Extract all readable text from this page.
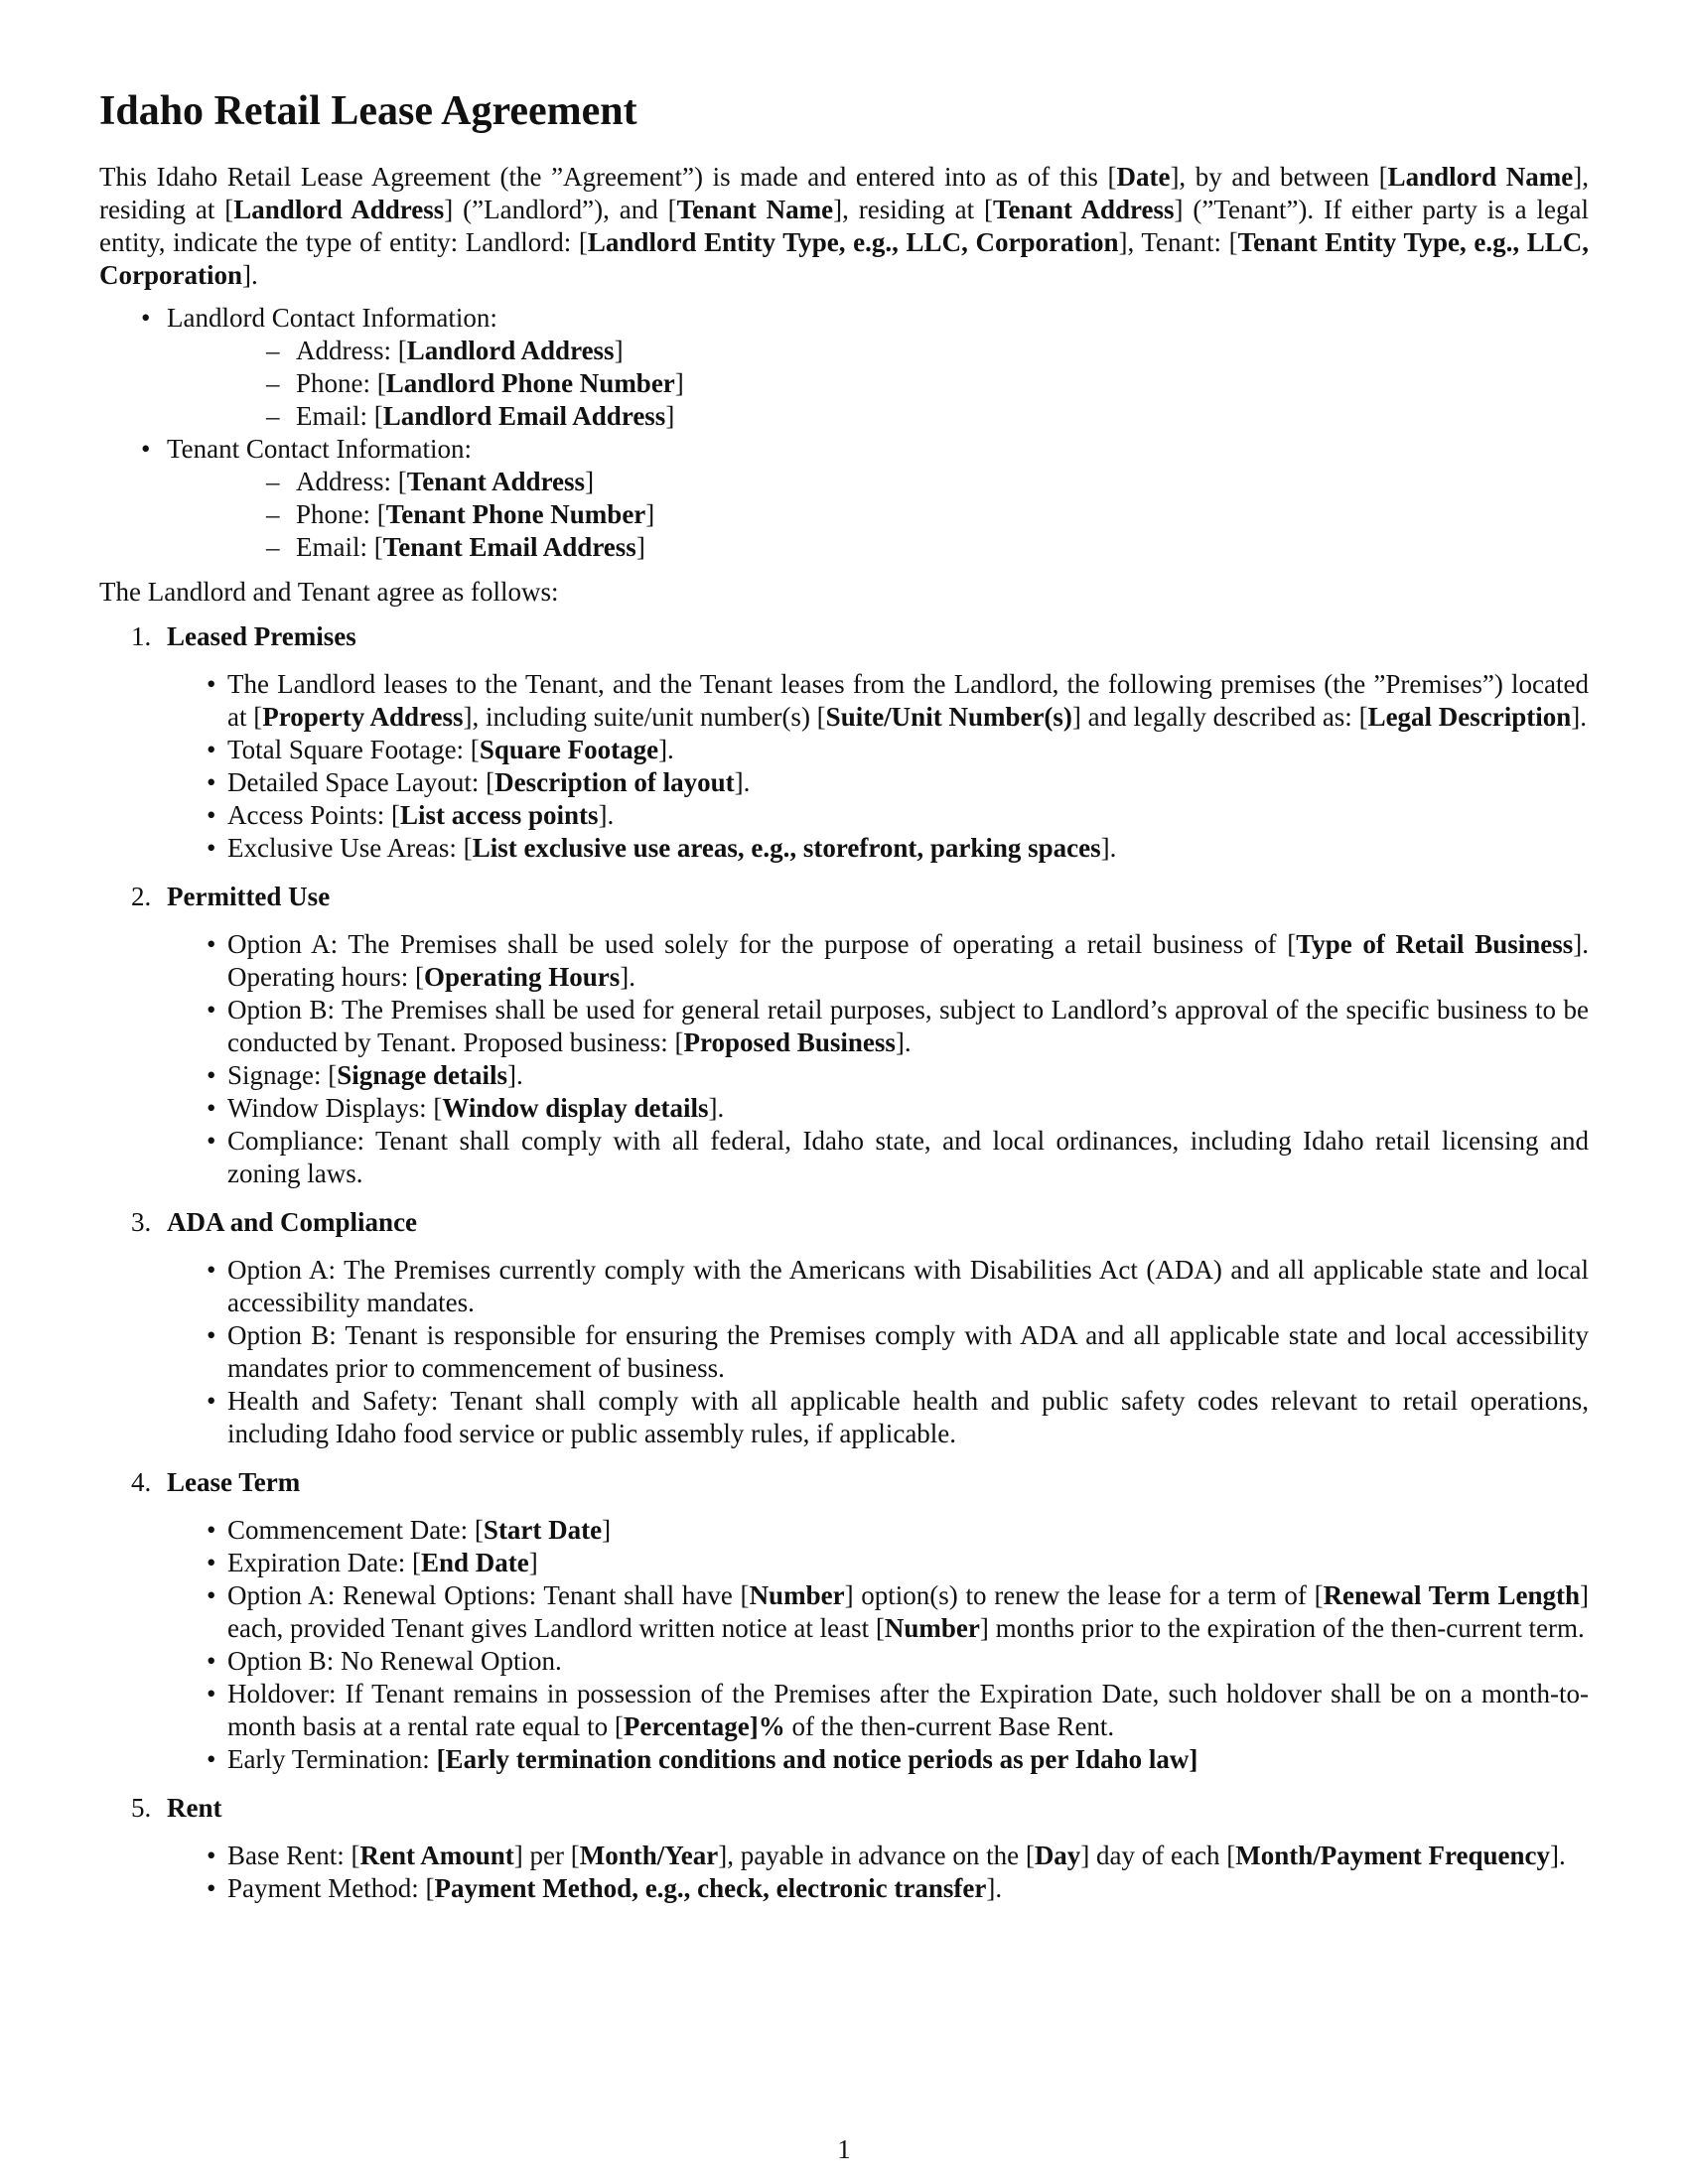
Idaho Retail Lease Agreement

This Idaho Retail Lease Agreement (the ”Agreement”) is made and entered into as of this [Date], by and between [Landlord Name], residing at [Landlord Address] (”Landlord”), and [Tenant Name], residing at [Tenant Address] (”Tenant”). If either party is a legal entity, indicate the type of entity: Landlord: [Landlord Entity Type, e.g., LLC, Corporation], Tenant: [Tenant Entity Type, e.g., LLC, Corporation].

• Landlord Contact Information:
– Address: [Landlord Address]
– Phone: [Landlord Phone Number]
– Email: [Landlord Email Address]
• Tenant Contact Information:
– Address: [Tenant Address]
– Phone: [Tenant Phone Number]
– Email: [Tenant Email Address]

The Landlord and Tenant agree as follows:

1. Leased Premises
• The Landlord leases to the Tenant, and the Tenant leases from the Landlord, the following premises (the ”Premises”) located at [Property Address], including suite/unit number(s) [Suite/Unit Number(s)] and legally described as: [Legal Description].
• Total Square Footage: [Square Footage].
• Detailed Space Layout: [Description of layout].
• Access Points: [List access points].
• Exclusive Use Areas: [List exclusive use areas, e.g., storefront, parking spaces].
2. Permitted Use
• Option A: The Premises shall be used solely for the purpose of operating a retail business of [Type of Retail Business]. Operating hours: [Operating Hours].
• Option B: The Premises shall be used for general retail purposes, subject to Landlord’s approval of the specific business to be conducted by Tenant. Proposed business: [Proposed Business].
• Signage: [Signage details].
• Window Displays: [Window display details].
• Compliance: Tenant shall comply with all federal, Idaho state, and local ordinances, including Idaho retail licensing and zoning laws.
3. ADA and Compliance
• Option A: The Premises currently comply with the Americans with Disabilities Act (ADA) and all applicable state and local accessibility mandates.
• Option B: Tenant is responsible for ensuring the Premises comply with ADA and all applicable state and local accessibility mandates prior to commencement of business.
• Health and Safety: Tenant shall comply with all applicable health and public safety codes relevant to retail operations, including Idaho food service or public assembly rules, if applicable.
4. Lease Term
• Commencement Date: [Start Date]
• Expiration Date: [End Date]
• Option A: Renewal Options: Tenant shall have [Number] option(s) to renew the lease for a term of [Renewal Term Length] each, provided Tenant gives Landlord written notice at least [Number] months prior to the expiration of the then-current term.
• Option B: No Renewal Option.
• Holdover: If Tenant remains in possession of the Premises after the Expiration Date, such holdover shall be on a month-to-month basis at a rental rate equal to [Percentage]% of the then-current Base Rent.
• Early Termination: [Early termination conditions and notice periods as per Idaho law]
5. Rent
• Base Rent: [Rent Amount] per [Month/Year], payable in advance on the [Day] day of each [Month/Payment Frequency].
• Payment Method: [Payment Method, e.g., check, electronic transfer].
1
